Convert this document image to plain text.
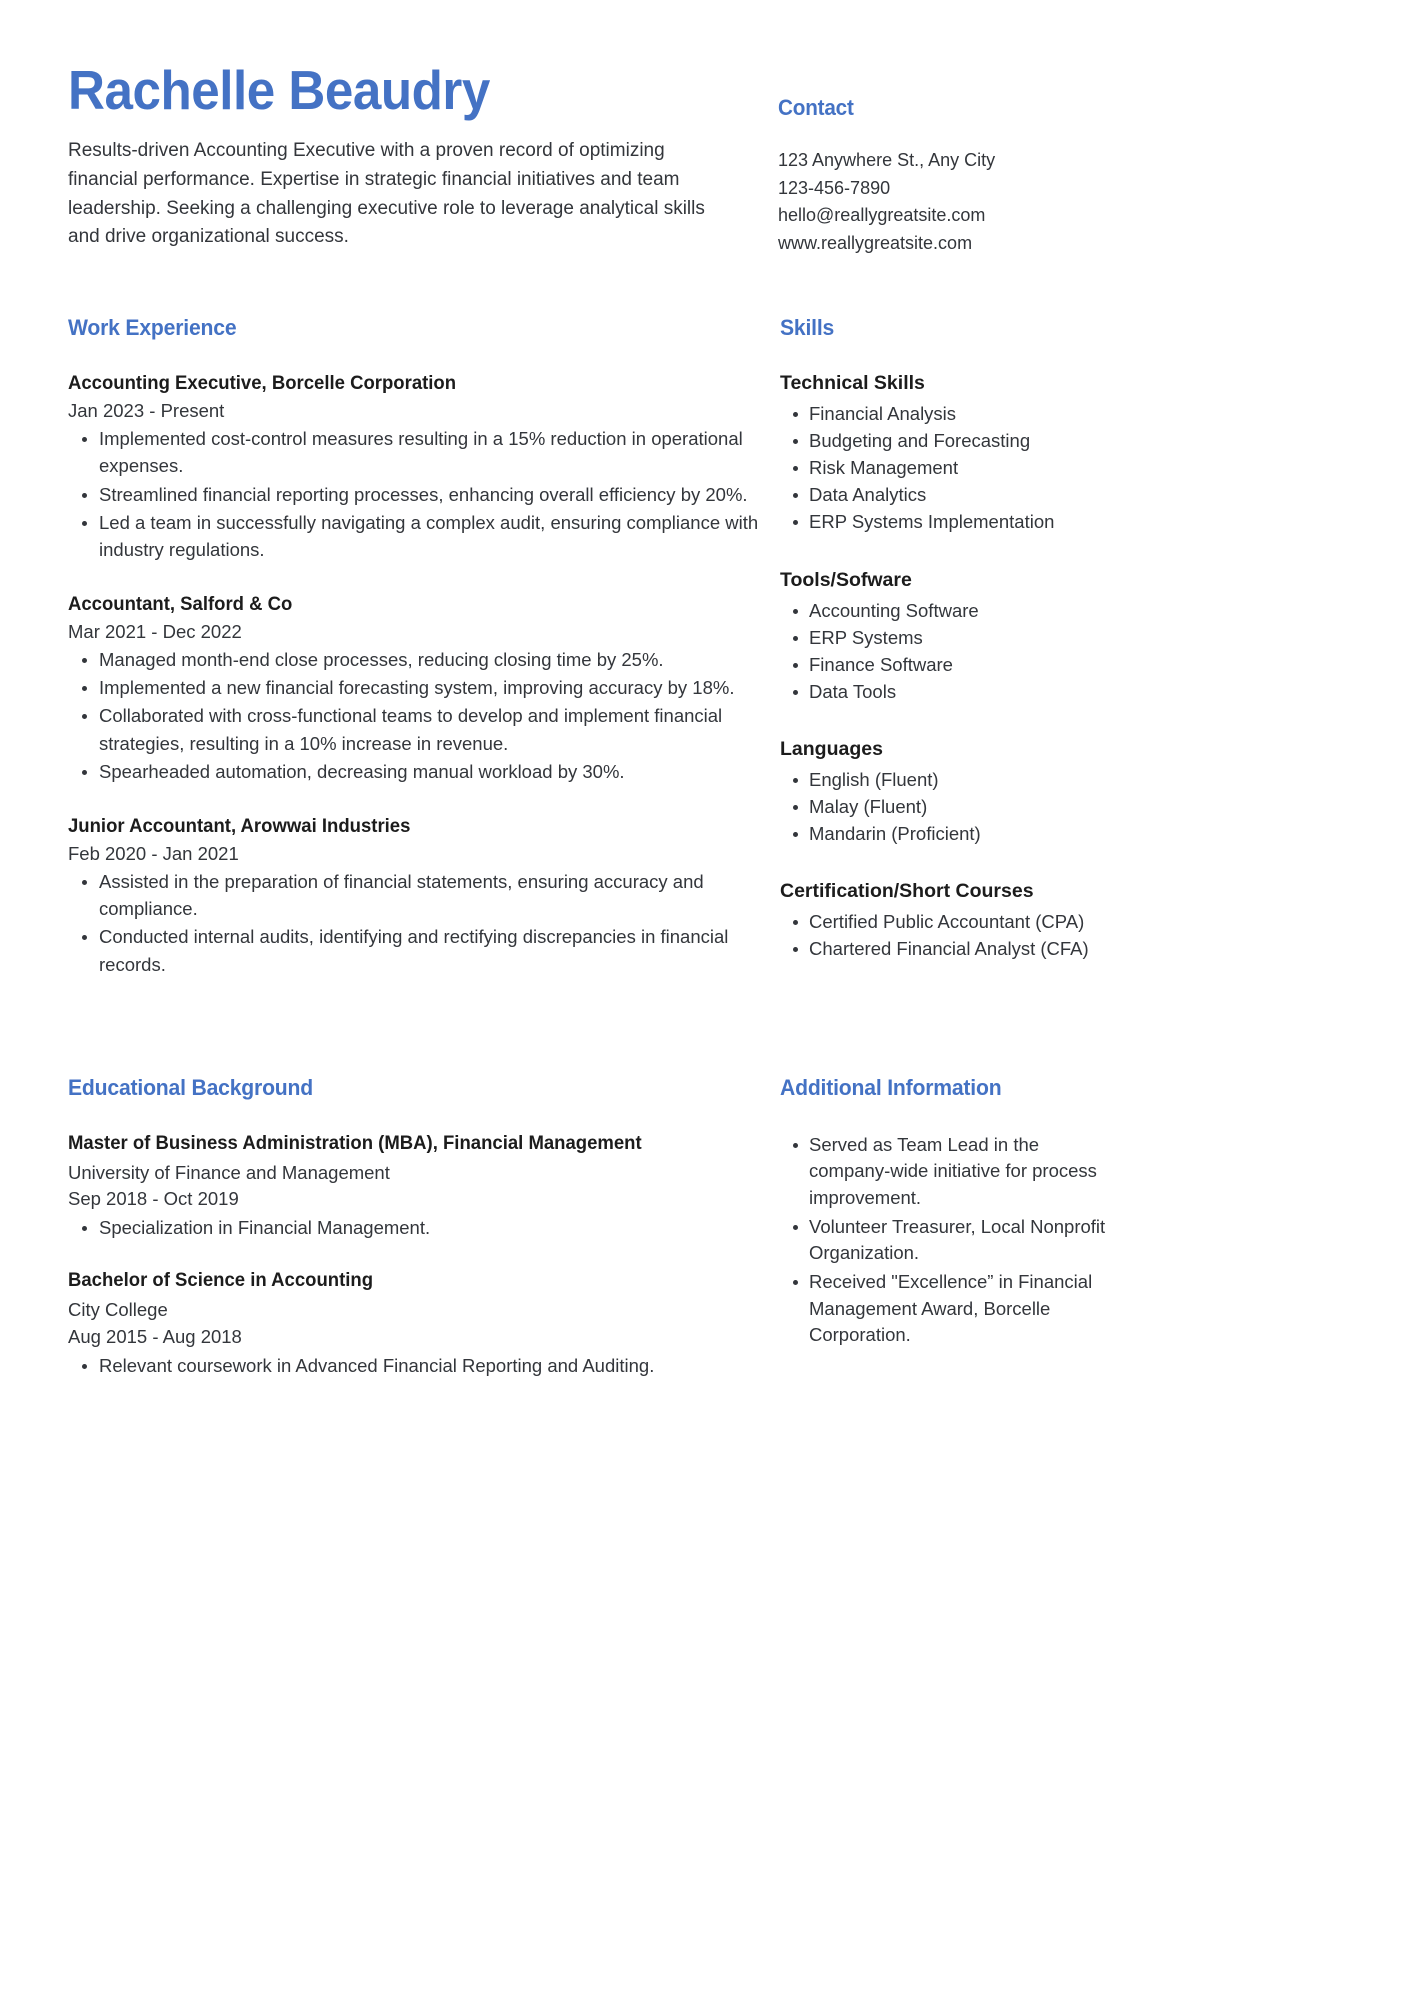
Rachelle Beaudry
Results-driven Accounting Executive with a proven record of optimizing financial performance. Expertise in strategic financial initiatives and team leadership. Seeking a challenging executive role to leverage analytical skills and drive organizational success.
Contact
123 Anywhere St., Any City
123-456-7890
hello@reallygreatsite.com
www.reallygreatsite.com
Work Experience
Accounting Executive, Borcelle Corporation
Jan 2023 - Present
Implemented cost-control measures resulting in a 15% reduction in operational expenses.
Streamlined financial reporting processes, enhancing overall efficiency by 20%.
Led a team in successfully navigating a complex audit, ensuring compliance with industry regulations.
Accountant, Salford & Co
Mar 2021 - Dec 2022
Managed month-end close processes, reducing closing time by 25%.
Implemented a new financial forecasting system, improving accuracy by 18%.
Collaborated with cross-functional teams to develop and implement financial strategies, resulting in a 10% increase in revenue.
Spearheaded automation, decreasing manual workload by 30%.
Junior Accountant, Arowwai Industries
Feb 2020 - Jan 2021
Assisted in the preparation of financial statements, ensuring accuracy and compliance.
Conducted internal audits, identifying and rectifying discrepancies in financial records.
Skills
Technical Skills
Financial Analysis
Budgeting and Forecasting
Risk Management
Data Analytics
ERP Systems Implementation
Tools/Sofware
Accounting Software
ERP Systems
Finance Software
Data Tools
Languages
English (Fluent)
Malay (Fluent)
Mandarin (Proficient)
Certification/Short Courses
Certified Public Accountant (CPA)
Chartered Financial Analyst (CFA)
Educational Background
Master of Business Administration (MBA), Financial Management
University of Finance and Management
Sep 2018 - Oct 2019
Specialization in Financial Management.
Bachelor of Science in Accounting
City College
Aug 2015 - Aug 2018
Relevant coursework in Advanced Financial Reporting and Auditing.
Additional Information
Served as Team Lead in the company-wide initiative for process improvement.
Volunteer Treasurer, Local Nonprofit Organization.
Received "Excellence” in Financial Management Award, Borcelle Corporation.
